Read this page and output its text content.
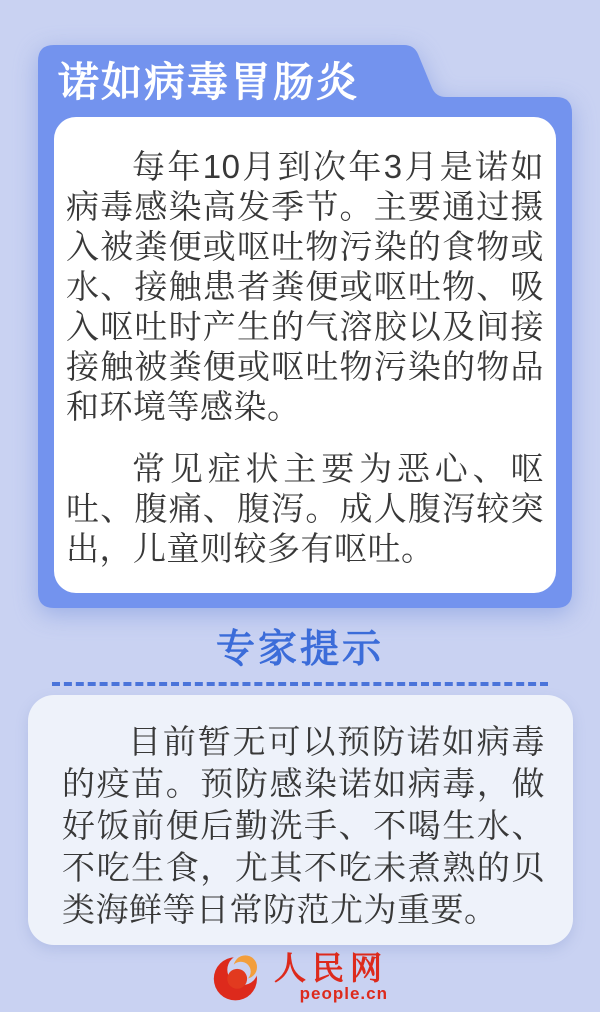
诺如病毒胃肠炎

每年10月到次年3月是诺如病毒感染高发季节。主要通过摄入被粪便或呕吐物污染的食物或水、接触患者粪便或呕吐物、吸入呕吐时产生的气溶胶以及间接接触被粪便或呕吐物污染的物品和环境等感染。

常见症状主要为恶心、呕吐、腹痛、腹泻。成人腹泻较突出，儿童则较多有呕吐。

专家提示

目前暂无可以预防诺如病毒的疫苗。预防感染诺如病毒，做好饭前便后勤洗手、不喝生水、不吃生食，尤其不吃未煮熟的贝类海鲜等日常防范尤为重要。

人民网
people.cn
